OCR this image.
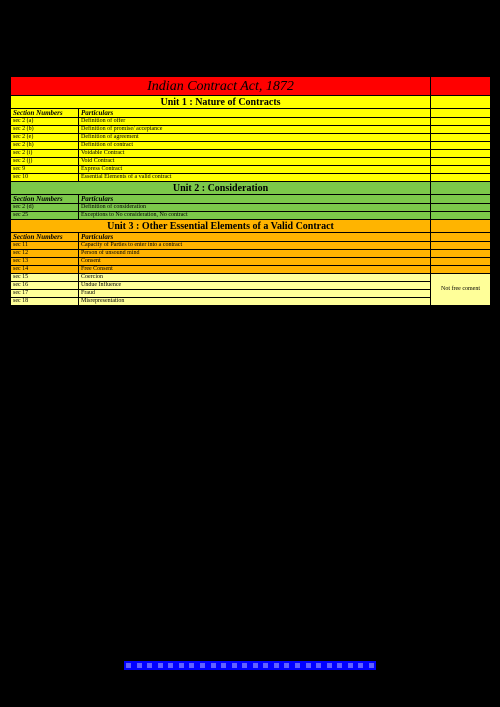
Indian Contract Act, 1872		
Unit 1 : Nature of Contracts		
Section Numbers	Particulars	
sec 2 (a)	Definition of offer	
sec 2 (b)	Definition of promise/ acceptance	
sec 2 (e)	Definition of agreement	
sec 2 (h)	Definition of contract	
sec 2 (i)	Voidable Contract	
sec 2 (j)	Void Contract	
sec 9	Express Contract	
sec 10	Essential Elements of a valid contract	
Unit 2 : Consideration		
Section Numbers	Particulars	
sec 2 (d)	Definition of consideration	
sec 25	Exceptions to No consideration, No contract	
Unit 3 : Other Essential Elements of a Valid Contract		
Section Numbers	Particulars	
sec 11	Capacity of Parties to enter into a contract	
sec 12	Person of unsound mind	
sec 13	Consent	
sec 14	Free Consent	
sec 15	Coercion	Not free coment
sec 16	Undue Influence	
sec 17	Fraud	
sec 18	Misrepresentation	
